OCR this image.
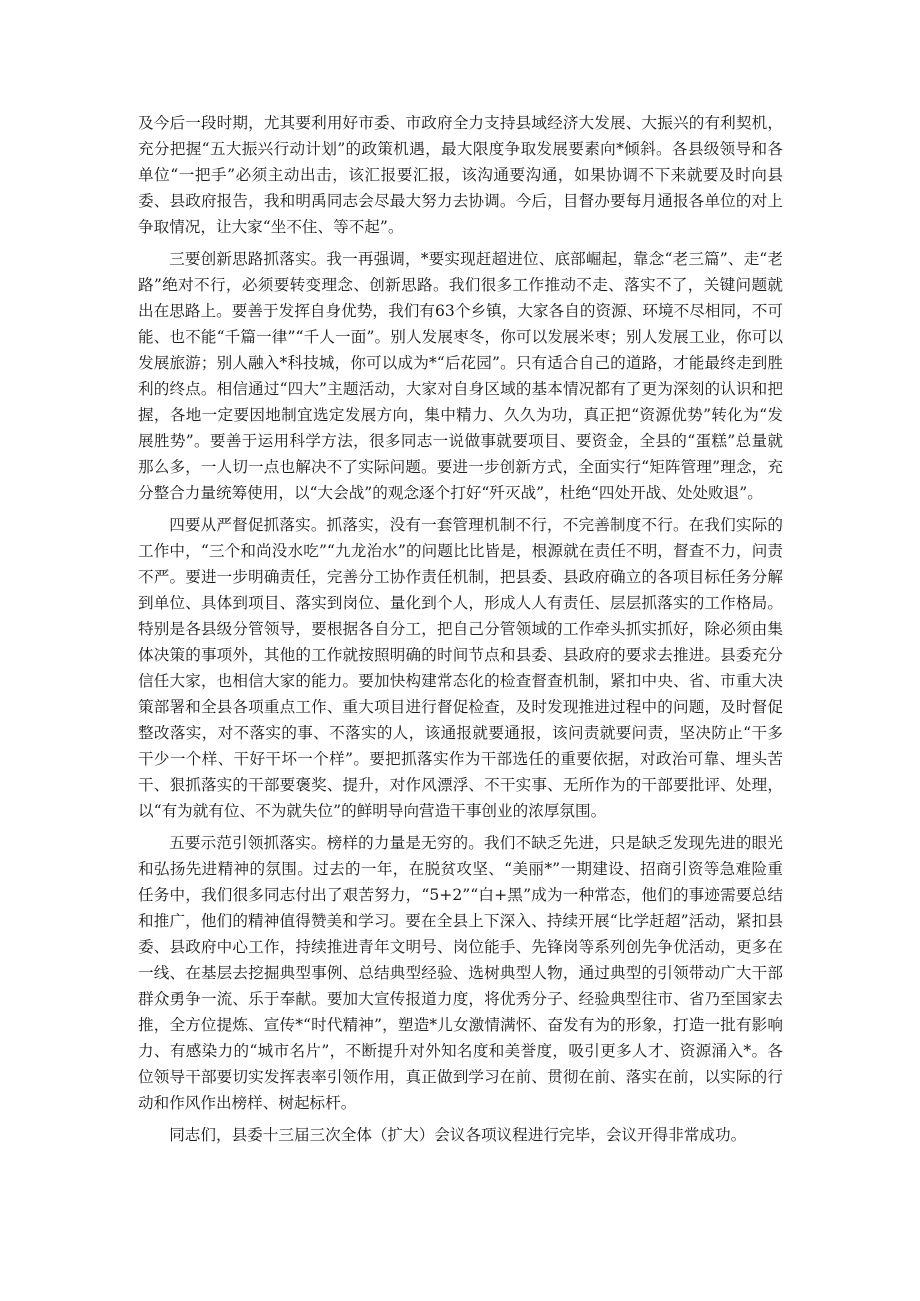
及今后一段时期，尤其要利用好市委、市政府全力支持县域经济大发展、大振兴的有利契机，充分把握“五大振兴行动计划”的政策机遇，最大限度争取发展要素向*倾斜。各县级领导和各单位“一把手”必须主动出击，该汇报要汇报，该沟通要沟通，如果协调不下来就要及时向县委、县政府报告，我和明禹同志会尽最大努力去协调。今后，目督办要每月通报各单位的对上争取情况，让大家“坐不住、等不起”。

三要创新思路抓落实。我一再强调，*要实现赶超进位、底部崛起，靠念“老三篇”、走“老路”绝对不行，必须要转变理念、创新思路。我们很多工作推动不走、落实不了，关键问题就出在思路上。要善于发挥自身优势，我们有63个乡镇，大家各自的资源、环境不尽相同，不可能、也不能“千篇一律”“千人一面”。别人发展枣冬，你可以发展米枣；别人发展工业，你可以发展旅游；别人融入*科技城，你可以成为*“后花园”。只有适合自己的道路，才能最终走到胜利的终点。相信通过“四大”主题活动，大家对自身区域的基本情况都有了更为深刻的认识和把握，各地一定要因地制宜选定发展方向，集中精力、久久为功，真正把“资源优势”转化为“发展胜势”。要善于运用科学方法，很多同志一说做事就要项目、要资金，全县的“蛋糕”总量就那么多，一人切一点也解决不了实际问题。要进一步创新方式，全面实行“矩阵管理”理念，充分整合力量统筹使用，以“大会战”的观念逐个打好“歼灭战”，杜绝“四处开战、处处败退”。

四要从严督促抓落实。抓落实，没有一套管理机制不行，不完善制度不行。在我们实际的工作中，“三个和尚没水吃”“九龙治水”的问题比比皆是，根源就在责任不明，督查不力，问责不严。要进一步明确责任，完善分工协作责任机制，把县委、县政府确立的各项目标任务分解到单位、具体到项目、落实到岗位、量化到个人，形成人人有责任、层层抓落实的工作格局。特别是各县级分管领导，要根据各自分工，把自己分管领域的工作牵头抓实抓好，除必须由集体决策的事项外，其他的工作就按照明确的时间节点和县委、县政府的要求去推进。县委充分信任大家，也相信大家的能力。要加快构建常态化的检查督查机制，紧扣中央、省、市重大决策部署和全县各项重点工作、重大项目进行督促检查，及时发现推进过程中的问题，及时督促整改落实，对不落实的事、不落实的人，该通报就要通报，该问责就要问责，坚决防止“干多干少一个样、干好干坏一个样”。要把抓落实作为干部选任的重要依据，对政治可靠、埋头苦干、狠抓落实的干部要褒奖、提升，对作风漂浮、不干实事、无所作为的干部要批评、处理，以“有为就有位、不为就失位”的鲜明导向营造干事创业的浓厚氛围。

五要示范引领抓落实。榜样的力量是无穷的。我们不缺乏先进，只是缺乏发现先进的眼光和弘扬先进精神的氛围。过去的一年，在脱贫攻坚、“美丽*”一期建设、招商引资等急难险重任务中，我们很多同志付出了艰苦努力，“5+2”“白+黑”成为一种常态，他们的事迹需要总结和推广，他们的精神值得赞美和学习。要在全县上下深入、持续开展“比学赶超”活动，紧扣县委、县政府中心工作，持续推进青年文明号、岗位能手、先锋岗等系列创先争优活动，更多在一线、在基层去挖掘典型事例、总结典型经验、选树典型人物，通过典型的引领带动广大干部群众勇争一流、乐于奉献。要加大宣传报道力度，将优秀分子、经验典型往市、省乃至国家去推，全方位提炼、宣传*“时代精神”，塑造*儿女激情满怀、奋发有为的形象，打造一批有影响力、有感染力的“城市名片”，不断提升对外知名度和美誉度，吸引更多人才、资源涌入*。各位领导干部要切实发挥表率引领作用，真正做到学习在前、贯彻在前、落实在前，以实际的行动和作风作出榜样、树起标杆。

同志们，县委十三届三次全体（扩大）会议各项议程进行完毕，会议开得非常成功。
